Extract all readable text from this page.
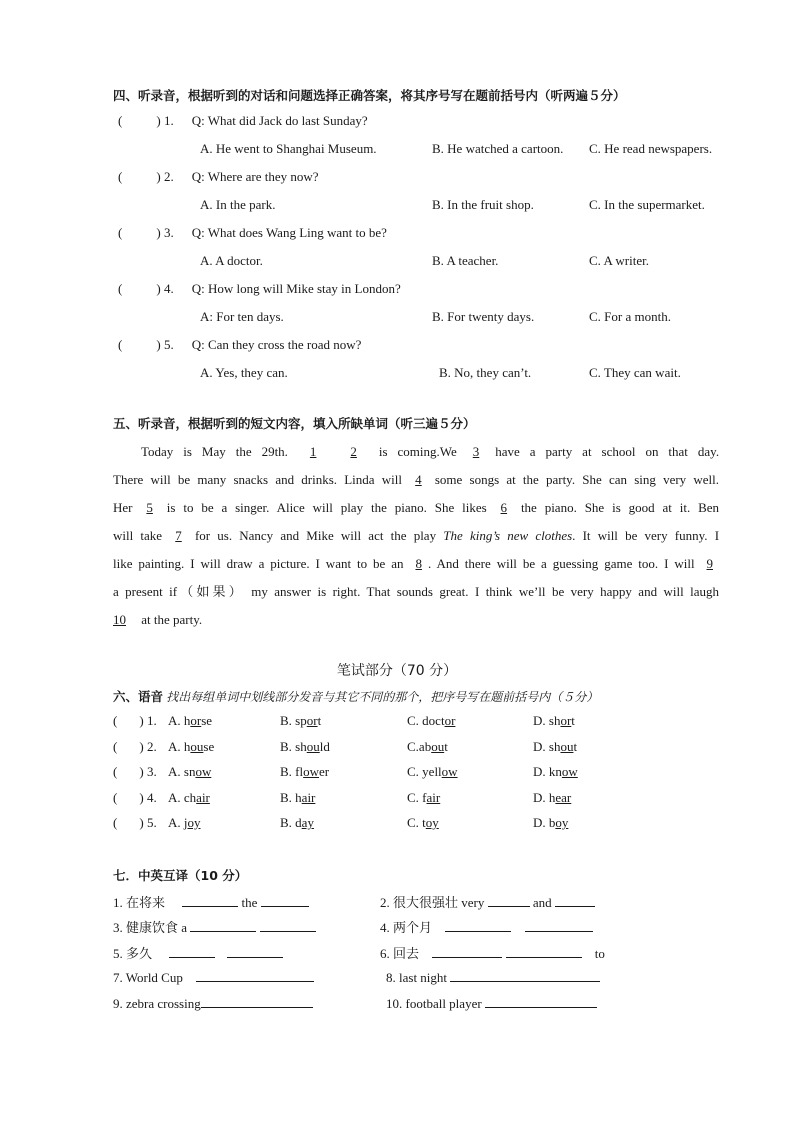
四、听录音，根据听到的对话和问题选择正确答案，将其序号写在题前括号内（听两遍５分）
(	) 1. Q: What did Jack do last Sunday?
A. He went to Shanghai Museum.	B. He watched a cartoon. C. He read newspapers.
(	) 2. Q: Where are they now?
A. In the park.	B. In the fruit shop.	C. In the supermarket.
(	) 3. Q: What does Wang Ling want to be?
A. A doctor.	B. A teacher.	C. A writer.
(	) 4. Q: How long will Mike stay in London?
A: For ten days.	B. For twenty days.	C. For a month.
(	) 5. Q: Can they cross the road now?
A. Yes, they can.	B. No, they can’t.	C. They can wait.
五、听录音，根据听到的短文内容，填入所缺单词（听三遍５分）
Today is May the 29th. 1	2 is coming.We 3 have a party at school on that day.
There will be many snacks and drinks. Linda will 4 some songs at the party. She can sing very well.
Her 5 is to be a singer. Alice will play the piano. She likes 6 the piano. She is good at it. Ben
will take 7 for us. Nancy and Mike will act the play The king’s new clothes. It will be very funny. I
like painting. I will draw a picture. I want to be an 8 . And there will be a guessing game too. I will 9
a present if（如果） my answer is right. That sounds great. I think we’ll be very happy and will laugh
10 at the party.
笔试部分（70 分）
六、语音 找出每组单词中划线部分发音与其它不同的那个，把序号写在题前括号内（５分）
( ) 1. A. horse	B. sport	C. doctor	D. short
( ) 2. A. house	B. should	C.about	D. shout
( ) 3. A. snow	B. flower	C. yellow	D. know
( ) 4. A. chair	B. hair	C. fair	D. hear
( ) 5. A. joy	B. day	C. toy	D. boy
七．中英互译（10 分）
1. 在将来	the	2. 很大很强壮 very	and
3. 健康饮食 a	4. 两个月
5. 多久	6. 回去	to
7. World Cup	8. last night
9. zebra crossing	10. football player
